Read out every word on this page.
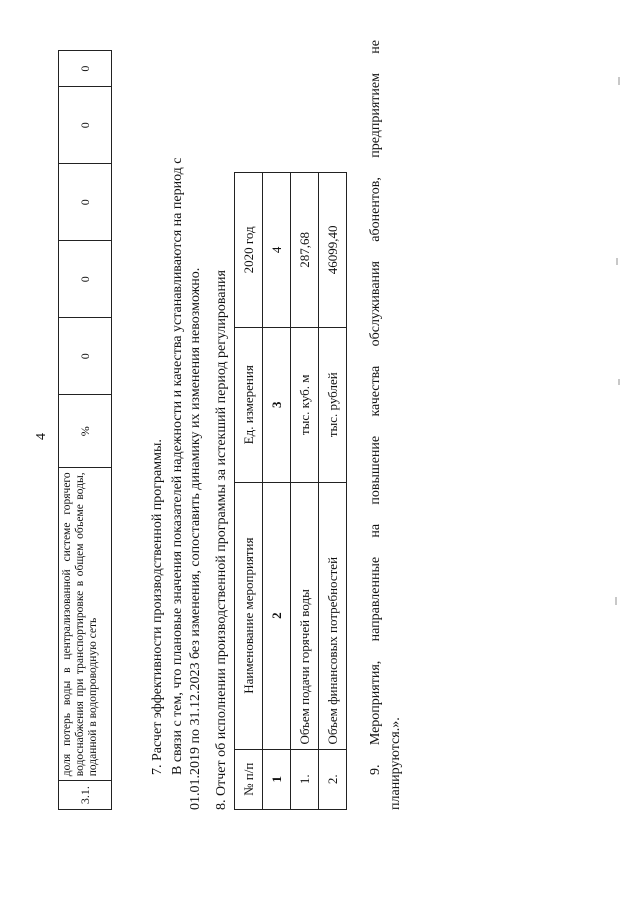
4
3.1.	доля потерь воды в централизованной системе горячего водоснабжения при транспортировке в общем объеме воды, поданной в водопроводную сеть	%	0	0	0	0	0
7. Расчет эффективности производственной программы. В связи с тем, что плановые значения показателей надежности и качества устанавливаются на период с 01.01.2019 по 31.12.2023 без изменения, сопоставить динамику их изменения невозможно. 8. Отчет об исполнении производственной программы за истекший период регулирования № п/п	Наименование мероприятия	Ед. измерения	2020 год
1	2	3	4
1.	Объем подачи горячей воды	тыс. куб. м	287,68
2.	Объем финансовых потребностей	тыс. рублей	46099,40 9. Мероприятия, направленные на повышение качества обслуживания абонентов, предприятием не планируются.».
